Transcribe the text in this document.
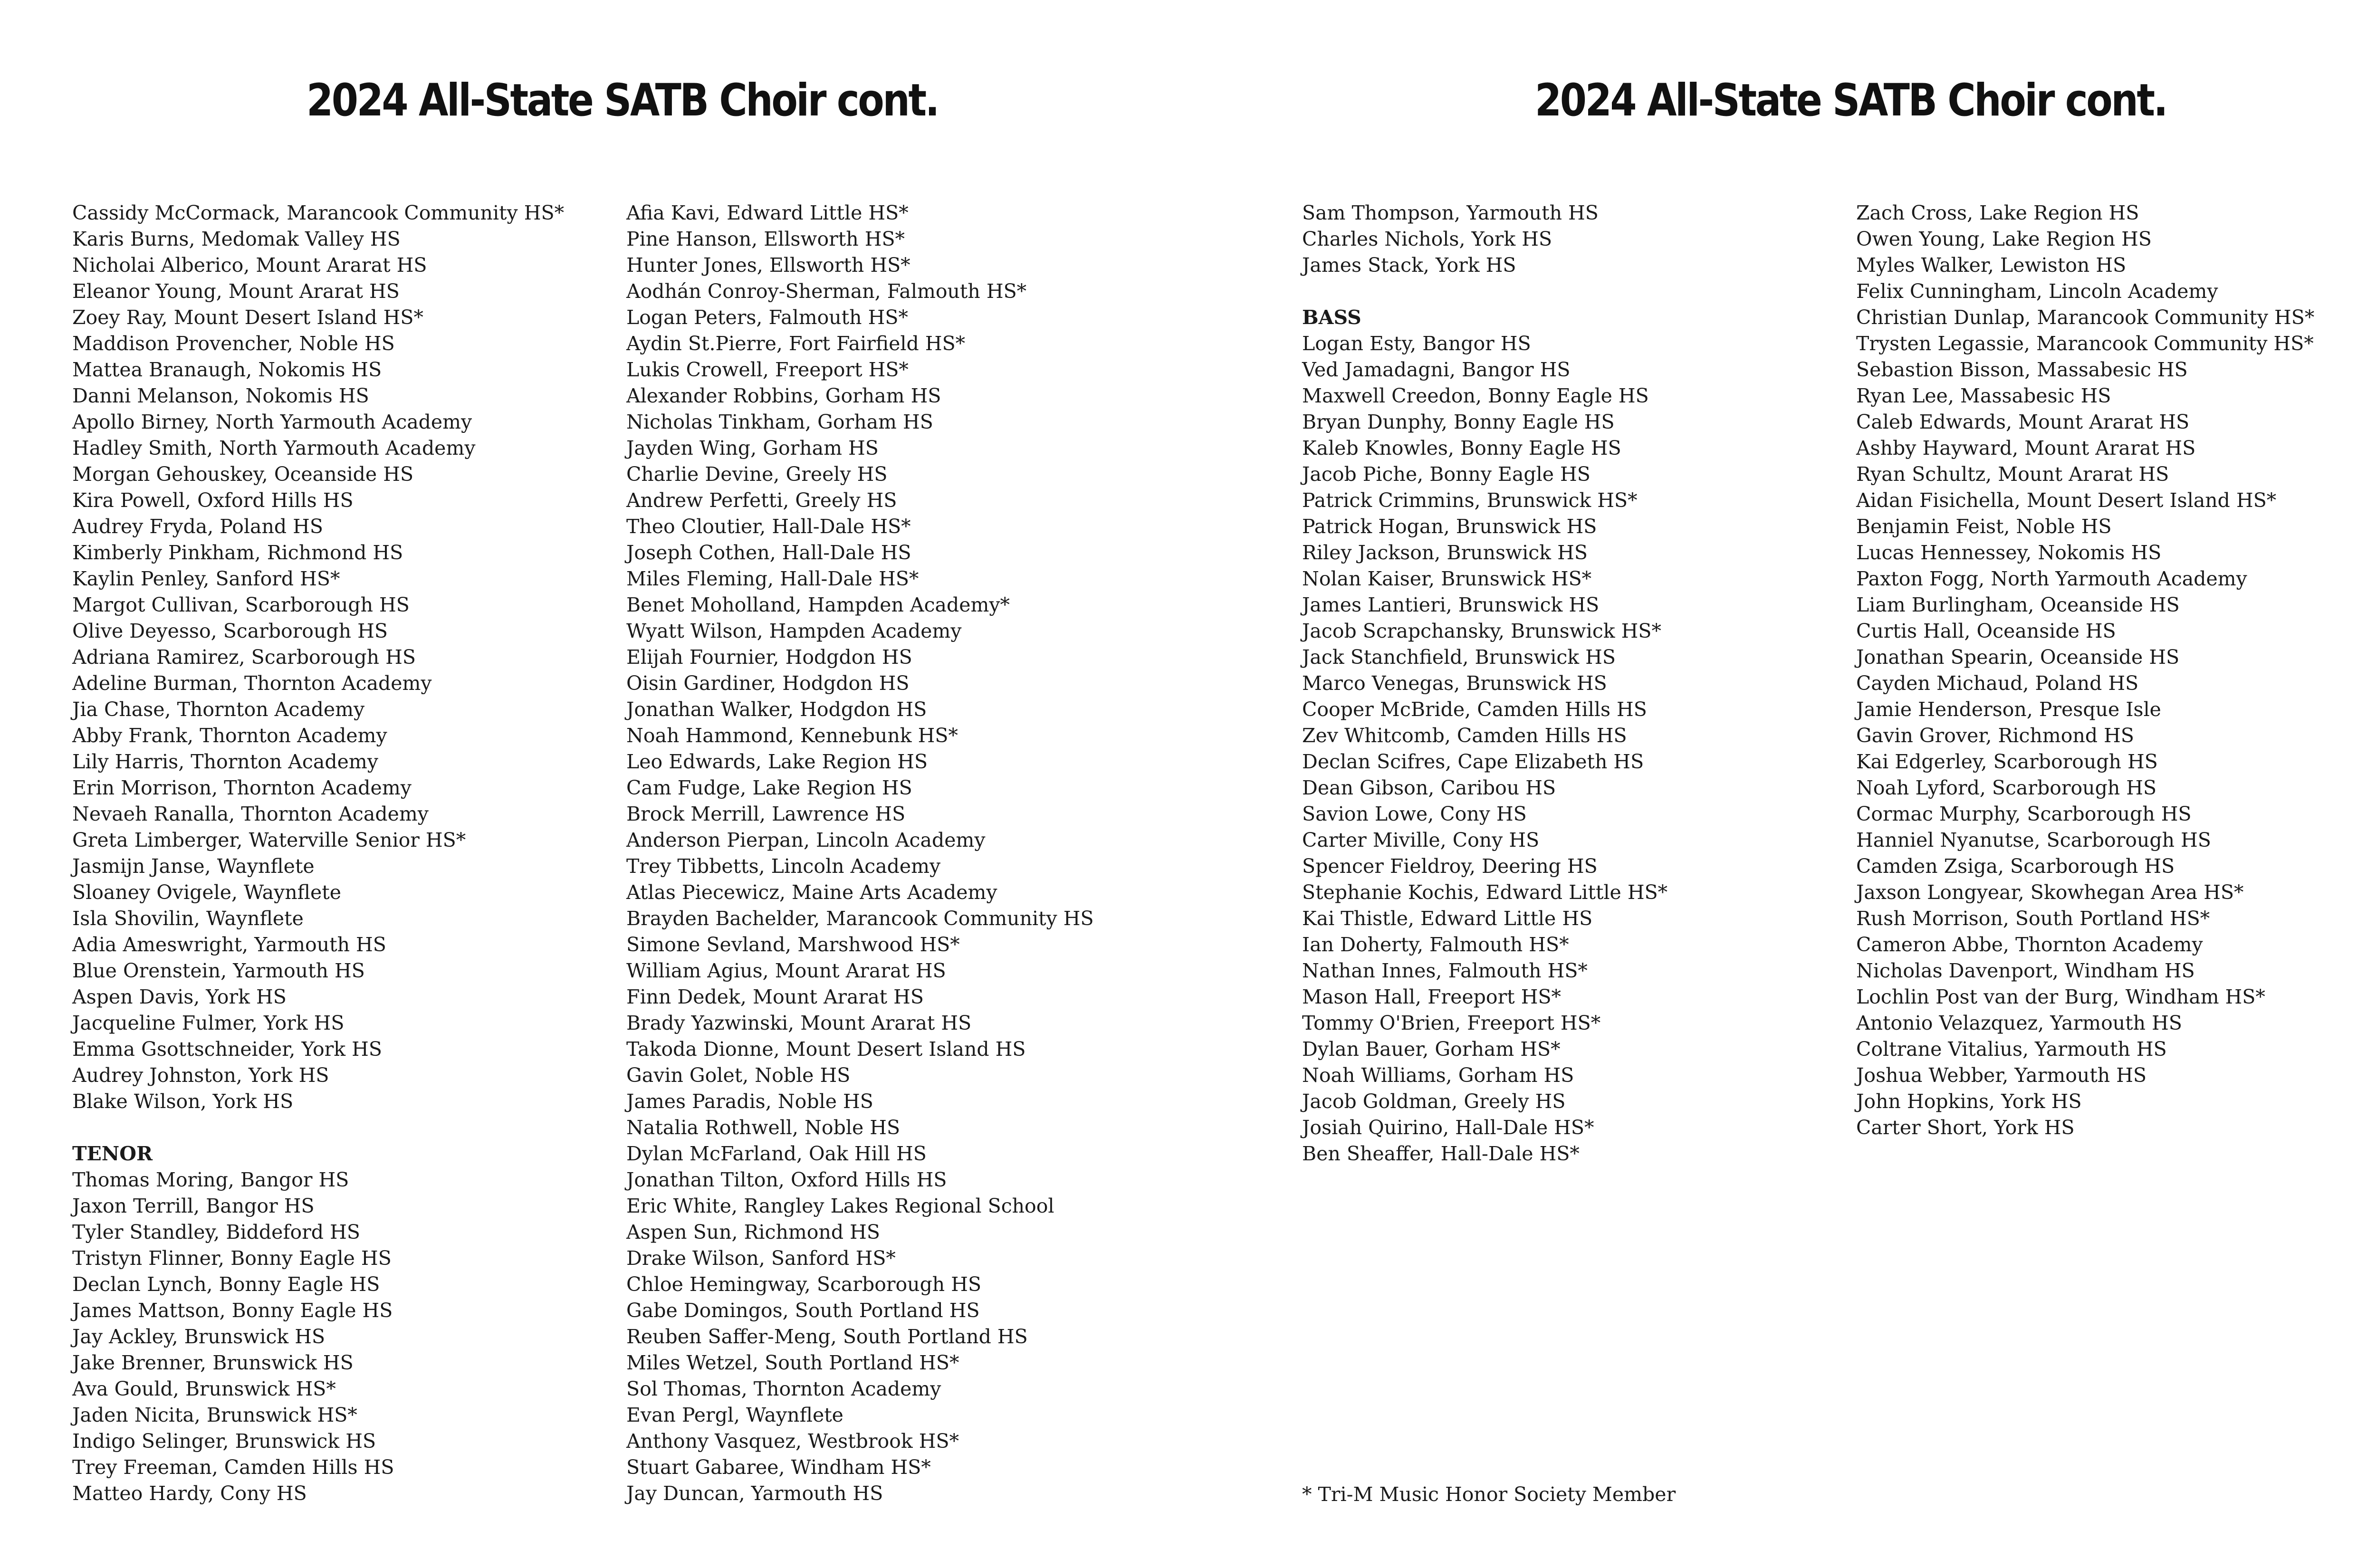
2024 All-State SATB Choir cont.	2024 All-State SATB Choir cont.
Cassidy McCormack, Marancook Community HS*
Karis Burns, Medomak Valley HS
Nicholai Alberico, Mount Ararat HS
Eleanor Young, Mount Ararat HS
Zoey Ray, Mount Desert Island HS*
Maddison Provencher, Noble HS
Mattea Branaugh, Nokomis HS
Danni Melanson, Nokomis HS
Apollo Birney, North Yarmouth Academy
Hadley Smith, North Yarmouth Academy
Morgan Gehouskey, Oceanside HS
Kira Powell, Oxford Hills HS
Audrey Fryda, Poland HS
Kimberly Pinkham, Richmond HS
Kaylin Penley, Sanford HS*
Margot Cullivan, Scarborough HS
Olive Deyesso, Scarborough HS
Adriana Ramirez, Scarborough HS
Adeline Burman, Thornton Academy
Jia Chase, Thornton Academy
Abby Frank, Thornton Academy
Lily Harris, Thornton Academy
Erin Morrison, Thornton Academy
Nevaeh Ranalla, Thornton Academy
Greta Limberger, Waterville Senior HS*
Jasmijn Janse, Waynflete
Sloaney Ovigele, Waynflete
Isla Shovilin, Waynflete
Adia Ameswright, Yarmouth HS
Blue Orenstein, Yarmouth HS
Aspen Davis, York HS
Jacqueline Fulmer, York HS
Emma Gsottschneider, York HS
Audrey Johnston, York HS
Blake Wilson, York HS
TENOR
Thomas Moring, Bangor HS
Jaxon Terrill, Bangor HS
Tyler Standley, Biddeford HS
Tristyn Flinner, Bonny Eagle HS
Declan Lynch, Bonny Eagle HS
James Mattson, Bonny Eagle HS
Jay Ackley, Brunswick HS
Jake Brenner, Brunswick HS
Ava Gould, Brunswick HS*
Jaden Nicita, Brunswick HS*
Indigo Selinger, Brunswick HS
Trey Freeman, Camden Hills HS
Matteo Hardy, Cony HS
Afia Kavi, Edward Little HS*
Pine Hanson, Ellsworth HS*
Hunter Jones, Ellsworth HS*
Aodhán Conroy-Sherman, Falmouth HS*
Logan Peters, Falmouth HS*
Aydin St.Pierre, Fort Fairfield HS*
Lukis Crowell, Freeport HS*
Alexander Robbins, Gorham HS
Nicholas Tinkham, Gorham HS
Jayden Wing, Gorham HS
Charlie Devine, Greely HS
Andrew Perfetti, Greely HS
Theo Cloutier, Hall-Dale HS*
Joseph Cothen, Hall-Dale HS
Miles Fleming, Hall-Dale HS*
Benet Moholland, Hampden Academy*
Wyatt Wilson, Hampden Academy
Elijah Fournier, Hodgdon HS
Oisin Gardiner, Hodgdon HS
Jonathan Walker, Hodgdon HS
Noah Hammond, Kennebunk HS*
Leo Edwards, Lake Region HS
Cam Fudge, Lake Region HS
Brock Merrill, Lawrence HS
Anderson Pierpan, Lincoln Academy
Trey Tibbetts, Lincoln Academy
Atlas Piecewicz, Maine Arts Academy
Brayden Bachelder, Marancook Community HS
Simone Sevland, Marshwood HS*
William Agius, Mount Ararat HS
Finn Dedek, Mount Ararat HS
Brady Yazwinski, Mount Ararat HS
Takoda Dionne, Mount Desert Island HS
Gavin Golet, Noble HS
James Paradis, Noble HS
Natalia Rothwell, Noble HS
Dylan McFarland, Oak Hill HS
Jonathan Tilton, Oxford Hills HS
Eric White, Rangley Lakes Regional School
Aspen Sun, Richmond HS
Drake Wilson, Sanford HS*
Chloe Hemingway, Scarborough HS
Gabe Domingos, South Portland HS
Reuben Saffer-Meng, South Portland HS
Miles Wetzel, South Portland HS*
Sol Thomas, Thornton Academy
Evan Pergl, Waynflete
Anthony Vasquez, Westbrook HS*
Stuart Gabaree, Windham HS*
Jay Duncan, Yarmouth HS
Sam Thompson, Yarmouth HS
Charles Nichols, York HS
James Stack, York HS
BASS
Logan Esty, Bangor HS
Ved Jamadagni, Bangor HS
Maxwell Creedon, Bonny Eagle HS
Bryan Dunphy, Bonny Eagle HS
Kaleb Knowles, Bonny Eagle HS
Jacob Piche, Bonny Eagle HS
Patrick Crimmins, Brunswick HS*
Patrick Hogan, Brunswick HS
Riley Jackson, Brunswick HS
Nolan Kaiser, Brunswick HS*
James Lantieri, Brunswick HS
Jacob Scrapchansky, Brunswick HS*
Jack Stanchfield, Brunswick HS
Marco Venegas, Brunswick HS
Cooper McBride, Camden Hills HS
Zev Whitcomb, Camden Hills HS
Declan Scifres, Cape Elizabeth HS
Dean Gibson, Caribou HS
Savion Lowe, Cony HS
Carter Miville, Cony HS
Spencer Fieldroy, Deering HS
Stephanie Kochis, Edward Little HS*
Kai Thistle, Edward Little HS
Ian Doherty, Falmouth HS*
Nathan Innes, Falmouth HS*
Mason Hall, Freeport HS*
Tommy O'Brien, Freeport HS*
Dylan Bauer, Gorham HS*
Noah Williams, Gorham HS
Jacob Goldman, Greely HS
Josiah Quirino, Hall-Dale HS*
Ben Sheaffer, Hall-Dale HS*
Zach Cross, Lake Region HS
Owen Young, Lake Region HS
Myles Walker, Lewiston HS
Felix Cunningham, Lincoln Academy
Christian Dunlap, Marancook Community HS*
Trysten Legassie, Marancook Community HS*
Sebastion Bisson, Massabesic HS
Ryan Lee, Massabesic HS
Caleb Edwards, Mount Ararat HS
Ashby Hayward, Mount Ararat HS
Ryan Schultz, Mount Ararat HS
Aidan Fisichella, Mount Desert Island HS*
Benjamin Feist, Noble HS
Lucas Hennessey, Nokomis HS
Paxton Fogg, North Yarmouth Academy
Liam Burlingham, Oceanside HS
Curtis Hall, Oceanside HS
Jonathan Spearin, Oceanside HS
Cayden Michaud, Poland HS
Jamie Henderson, Presque Isle
Gavin Grover, Richmond HS
Kai Edgerley, Scarborough HS
Noah Lyford, Scarborough HS
Cormac Murphy, Scarborough HS
Hanniel Nyanutse, Scarborough HS
Camden Zsiga, Scarborough HS
Jaxson Longyear, Skowhegan Area HS*
Rush Morrison, South Portland HS*
Cameron Abbe, Thornton Academy
Nicholas Davenport, Windham HS
Lochlin Post van der Burg, Windham HS*
Antonio Velazquez, Yarmouth HS
Coltrane Vitalius, Yarmouth HS
Joshua Webber, Yarmouth HS
John Hopkins, York HS
Carter Short, York HS
* Tri-M Music Honor Society Member
